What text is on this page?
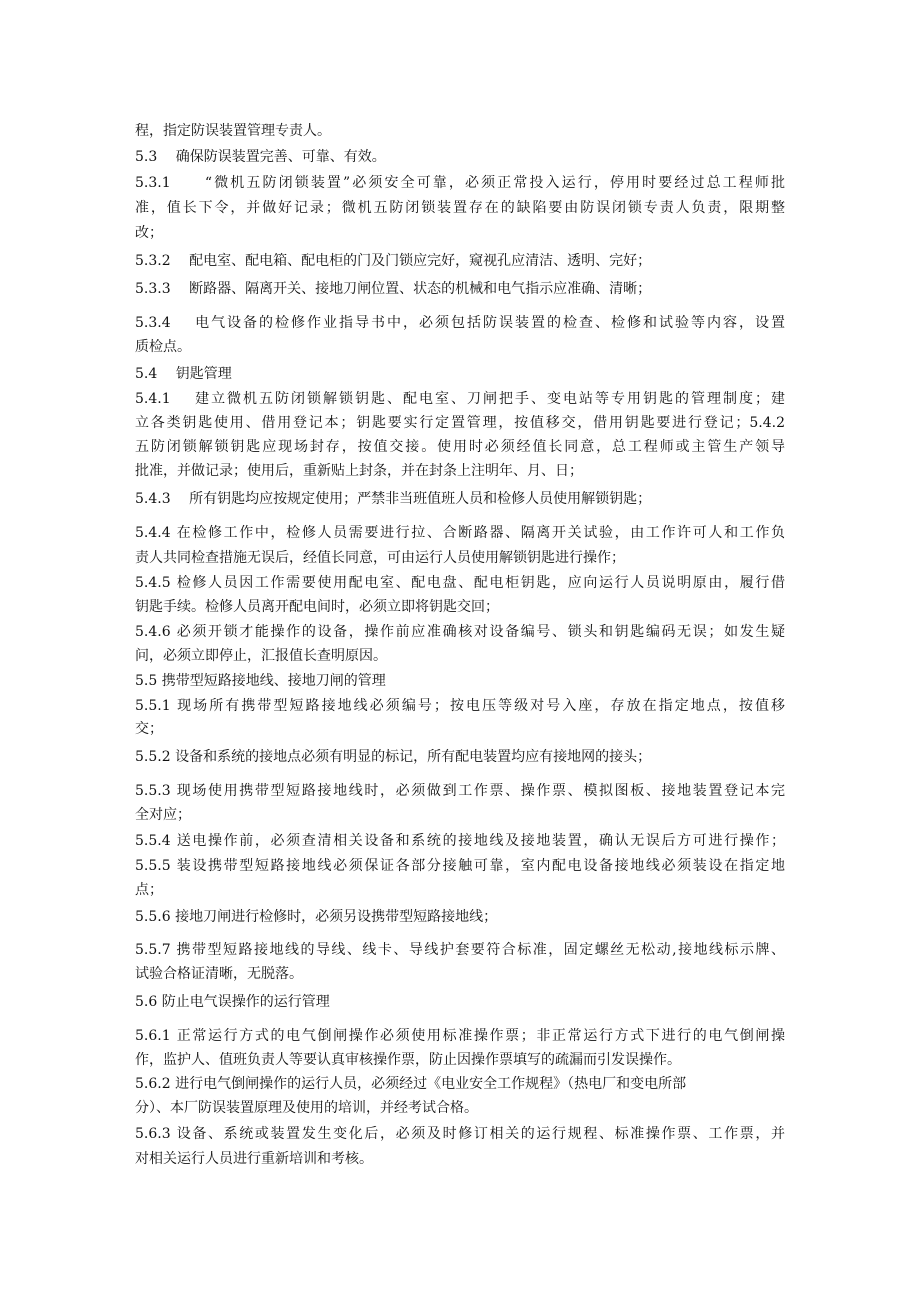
程，指定防误装置管理专责人。
5.3　 确保防误装置完善、可靠、有效。
5.3.1　　“微机五防闭锁装置”必须安全可靠，必须正常投入运行，停用时要经过总工程师批
准，值长下令，并做好记录；微机五防闭锁装置存在的缺陷要由防误闭锁专责人负责，限期整
改；
5.3.2　 配电室、配电箱、配电柜的门及门锁应完好，窥视孔应清洁、透明、完好；
5.3.3　 断路器、隔离开关、接地刀闸位置、状态的机械和电气指示应准确、清晰；
5.3.4　 电气设备的检修作业指导书中，必须包括防误装置的检查、检修和试验等内容，设置
质检点。
5.4　 钥匙管理
5.4.1　 建立微机五防闭锁解锁钥匙、配电室、刀闸把手、变电站等专用钥匙的管理制度；建
立各类钥匙使用、借用登记本；钥匙要实行定置管理，按值移交，借用钥匙要进行登记；5.4.2
五防闭锁解锁钥匙应现场封存，按值交接。使用时必须经值长同意，总工程师或主管生产领导
批准，并做记录；使用后，重新贴上封条，并在封条上注明年、月、日；
5.4.3　 所有钥匙均应按规定使用；严禁非当班值班人员和检修人员使用解锁钥匙；
5.4.4 在检修工作中，检修人员需要进行拉、合断路器、隔离开关试验，由工作许可人和工作负
责人共同检查措施无误后，经值长同意，可由运行人员使用解锁钥匙进行操作；
5.4.5 检修人员因工作需要使用配电室、配电盘、配电柜钥匙，应向运行人员说明原由，履行借
钥匙手续。检修人员离开配电间时，必须立即将钥匙交回；
5.4.6 必须开锁才能操作的设备，操作前应准确核对设备编号、锁头和钥匙编码无误；如发生疑
问，必须立即停止，汇报值长查明原因。
5.5 携带型短路接地线、接地刀闸的管理
5.5.1 现场所有携带型短路接地线必须编号；按电压等级对号入座，存放在指定地点，按值移
交；
5.5.2 设备和系统的接地点必须有明显的标记，所有配电装置均应有接地网的接头；
5.5.3 现场使用携带型短路接地线时，必须做到工作票、操作票、模拟图板、接地装置登记本完
全对应；
5.5.4 送电操作前，必须查清相关设备和系统的接地线及接地装置，确认无误后方可进行操作；
5.5.5 装设携带型短路接地线必须保证各部分接触可靠，室内配电设备接地线必须装设在指定地
点；
5.5.6 接地刀闸进行检修时，必须另设携带型短路接地线；
5.5.7 携带型短路接地线的导线、线卡、导线护套要符合标准，固定螺丝无松动,接地线标示牌、
试验合格证清晰，无脱落。
5.6 防止电气误操作的运行管理
5.6.1 正常运行方式的电气倒闸操作必须使用标准操作票；非正常运行方式下进行的电气倒闸操
作，监护人、值班负责人等要认真审核操作票，防止因操作票填写的疏漏而引发误操作。
5.6.2 进行电气倒闸操作的运行人员，必须经过《电业安全工作规程》（热电厂和变电所部
分）、本厂防误装置原理及使用的培训，并经考试合格。
5.6.3 设备、系统或装置发生变化后，必须及时修订相关的运行规程、标准操作票、工作票，并
对相关运行人员进行重新培训和考核。
